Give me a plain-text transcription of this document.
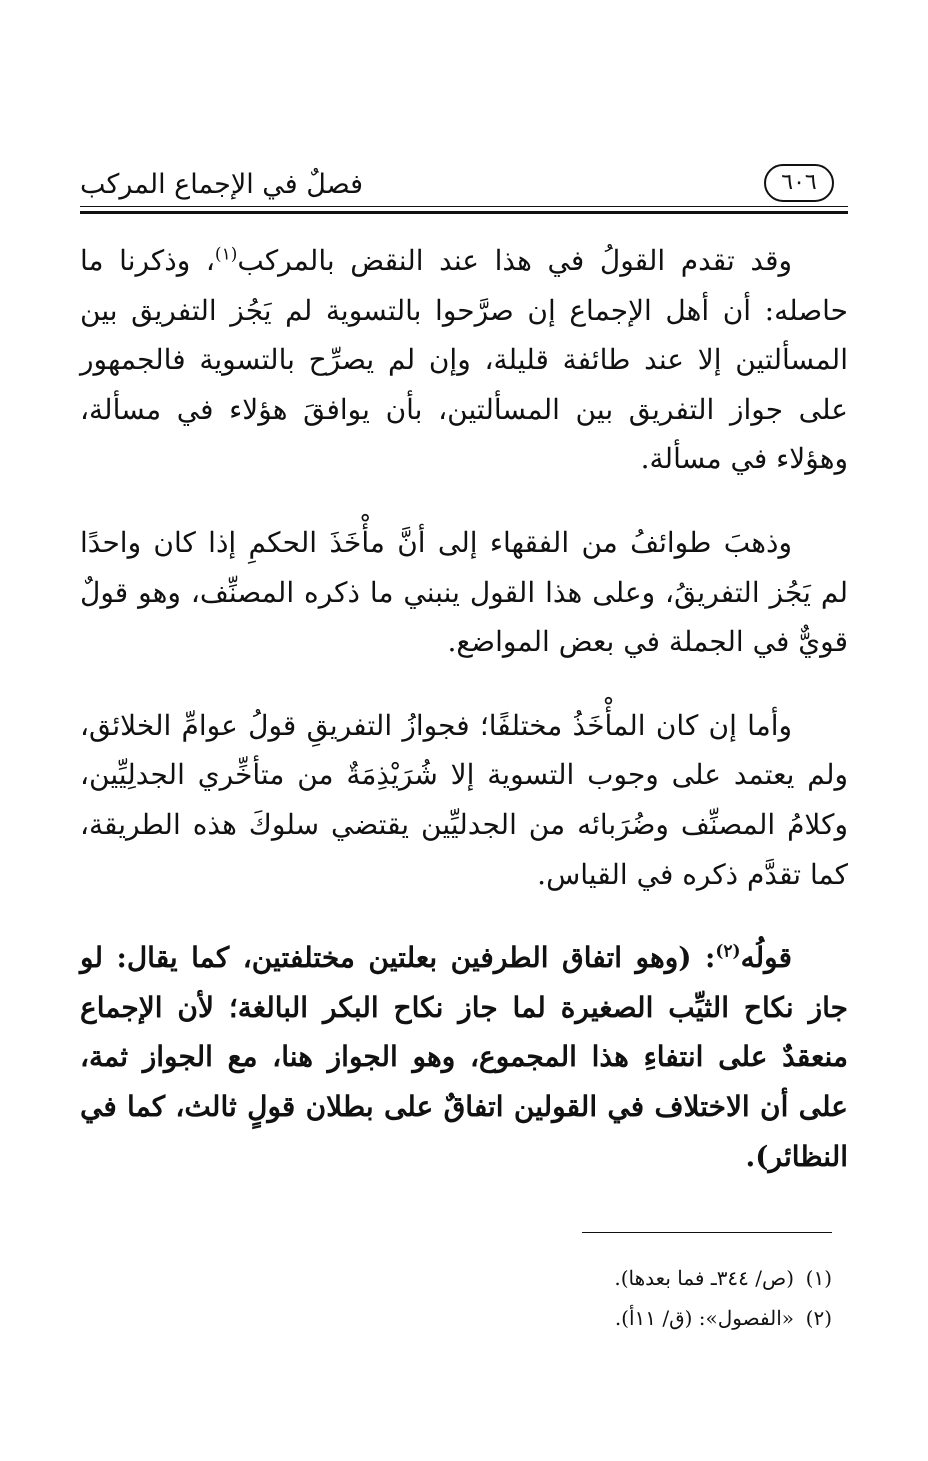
فصلٌ في الإجماع المركب	٦٠٦

وقد تقدم القولُ في هذا عند النقض بالمركب$^{(١)}$، وذكرنا ما حاصله: أن أهل الإجماع إن صرَّحوا بالتسوية لم يَجُز التفريق بين المسألتين إلا عند طائفة قليلة، وإن لم يصرِّح بالتسوية فالجمهور على جواز التفريق بين المسألتين، بأن يوافقَ هؤلاء في مسألة، وهؤلاء في مسألة.

وذهبَ طوائفُ من الفقهاء إلى أنَّ مأْخَذَ الحكمِ إذا كان واحدًا لم يَجُز التفريقُ، وعلى هذا القول ينبني ما ذكره المصنِّف، وهو قولٌ قويٌّ في الجملة في بعض المواضع.

وأما إن كان المأْخَذُ مختلفًا؛ فجوازُ التفريقِ قولُ عوامِّ الخلائق، ولم يعتمد على وجوب التسوية إلا شُرَيْذِمَةٌ من متأخِّري الجدلِيِّين، وكلامُ المصنِّف وضُرَبائه من الجدليِّين يقتضي سلوكَ هذه الطريقة، كما تقدَّم ذكره في القياس.

قولُه$^{(٢)}$: (وهو اتفاق الطرفين بعلتين مختلفتين، كما يقال: لو جاز نكاح الثيِّب الصغيرة لما جاز نكاح البكر البالغة؛ لأن الإجماع منعقدٌ على انتفاءِ هذا المجموع، وهو الجواز هنا، مع الجواز ثمة، على أن الاختلاف في القولين اتفاقٌ على بطلان قولٍ ثالث، كما في النظائر).

(١)(ص/ ٣٤٤ـ فما بعدها).

(٢)«الفصول»: (ق/ ١١أ).
